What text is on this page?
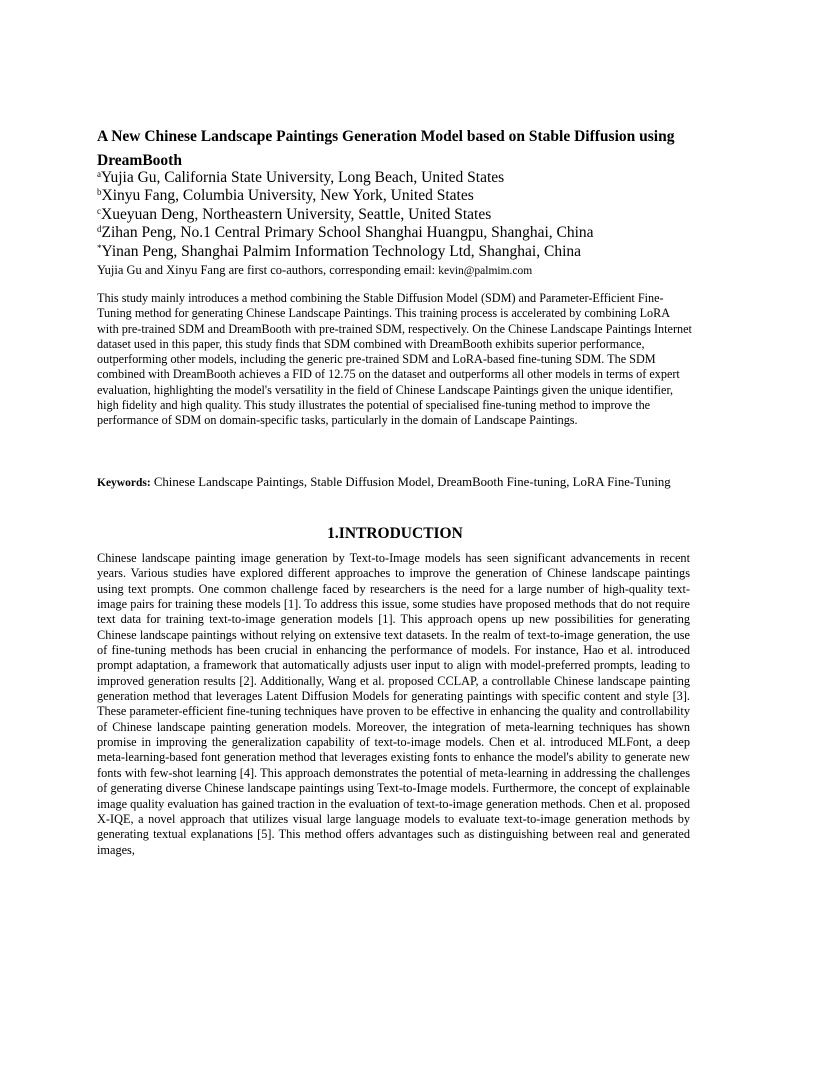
A New Chinese Landscape Paintings Generation Model based on Stable Diffusion using DreamBooth
$^a$Yujia Gu, California State University, Long Beach, United States
$^b$Xinyu Fang, Columbia University, New York, United States
$^c$Xueyuan Deng, Northeastern University, Seattle, United States
$^d$Zihan Peng, No.1 Central Primary School Shanghai Huangpu, Shanghai, China
*Yinan Peng, Shanghai Palmim Information Technology Ltd, Shanghai, China

Yujia Gu and Xinyu Fang are first co-authors, corresponding email: kevin@palmim.com

This study mainly introduces a method combining the Stable Diffusion Model (SDM) and Parameter-Efficient Fine-Tuning method for generating Chinese Landscape Paintings. This training process is accelerated by combining LoRA with pre-trained SDM and DreamBooth with pre-trained SDM, respectively. On the Chinese Landscape Paintings Internet dataset used in this paper, this study finds that SDM combined with DreamBooth exhibits superior performance, outperforming other models, including the generic pre-trained SDM and LoRA-based fine-tuning SDM. The SDM combined with DreamBooth achieves a FID of 12.75 on the dataset and outperforms all other models in terms of expert evaluation, highlighting the model's versatility in the field of Chinese Landscape Paintings given the unique identifier, high fidelity and high quality. This study illustrates the potential of specialised fine-tuning method to improve the performance of SDM on domain-specific tasks, particularly in the domain of Landscape Paintings.

Keywords: Chinese Landscape Paintings, Stable Diffusion Model, DreamBooth Fine-tuning, LoRA Fine-Tuning

1.INTRODUCTION

Chinese landscape painting image generation by Text-to-Image models has seen significant advancements in recent years. Various studies have explored different approaches to improve the generation of Chinese landscape paintings using text prompts. One common challenge faced by researchers is the need for a large number of high-quality text-image pairs for training these models [1]. To address this issue, some studies have proposed methods that do not require text data for training text-to-image generation models [1]. This approach opens up new possibilities for generating Chinese landscape paintings without relying on extensive text datasets. In the realm of text-to-image generation, the use of fine-tuning methods has been crucial in enhancing the performance of models. For instance, Hao et al. introduced prompt adaptation, a framework that automatically adjusts user input to align with model-preferred prompts, leading to improved generation results [2]. Additionally, Wang et al. proposed CCLAP, a controllable Chinese landscape painting generation method that leverages Latent Diffusion Models for generating paintings with specific content and style [3]. These parameter-efficient fine-tuning techniques have proven to be effective in enhancing the quality and controllability of Chinese landscape painting generation models. Moreover, the integration of meta-learning techniques has shown promise in improving the generalization capability of text-to-image models. Chen et al. introduced MLFont, a deep meta-learning-based font generation method that leverages existing fonts to enhance the model's ability to generate new fonts with few-shot learning [4]. This approach demonstrates the potential of meta-learning in addressing the challenges of generating diverse Chinese landscape paintings using Text-to-Image models. Furthermore, the concept of explainable image quality evaluation has gained traction in the evaluation of text-to-image generation methods. Chen et al. proposed X-IQE, a novel approach that utilizes visual large language models to evaluate text-to-image generation methods by generating textual explanations [5]. This method offers advantages such as distinguishing between real and generated images,
